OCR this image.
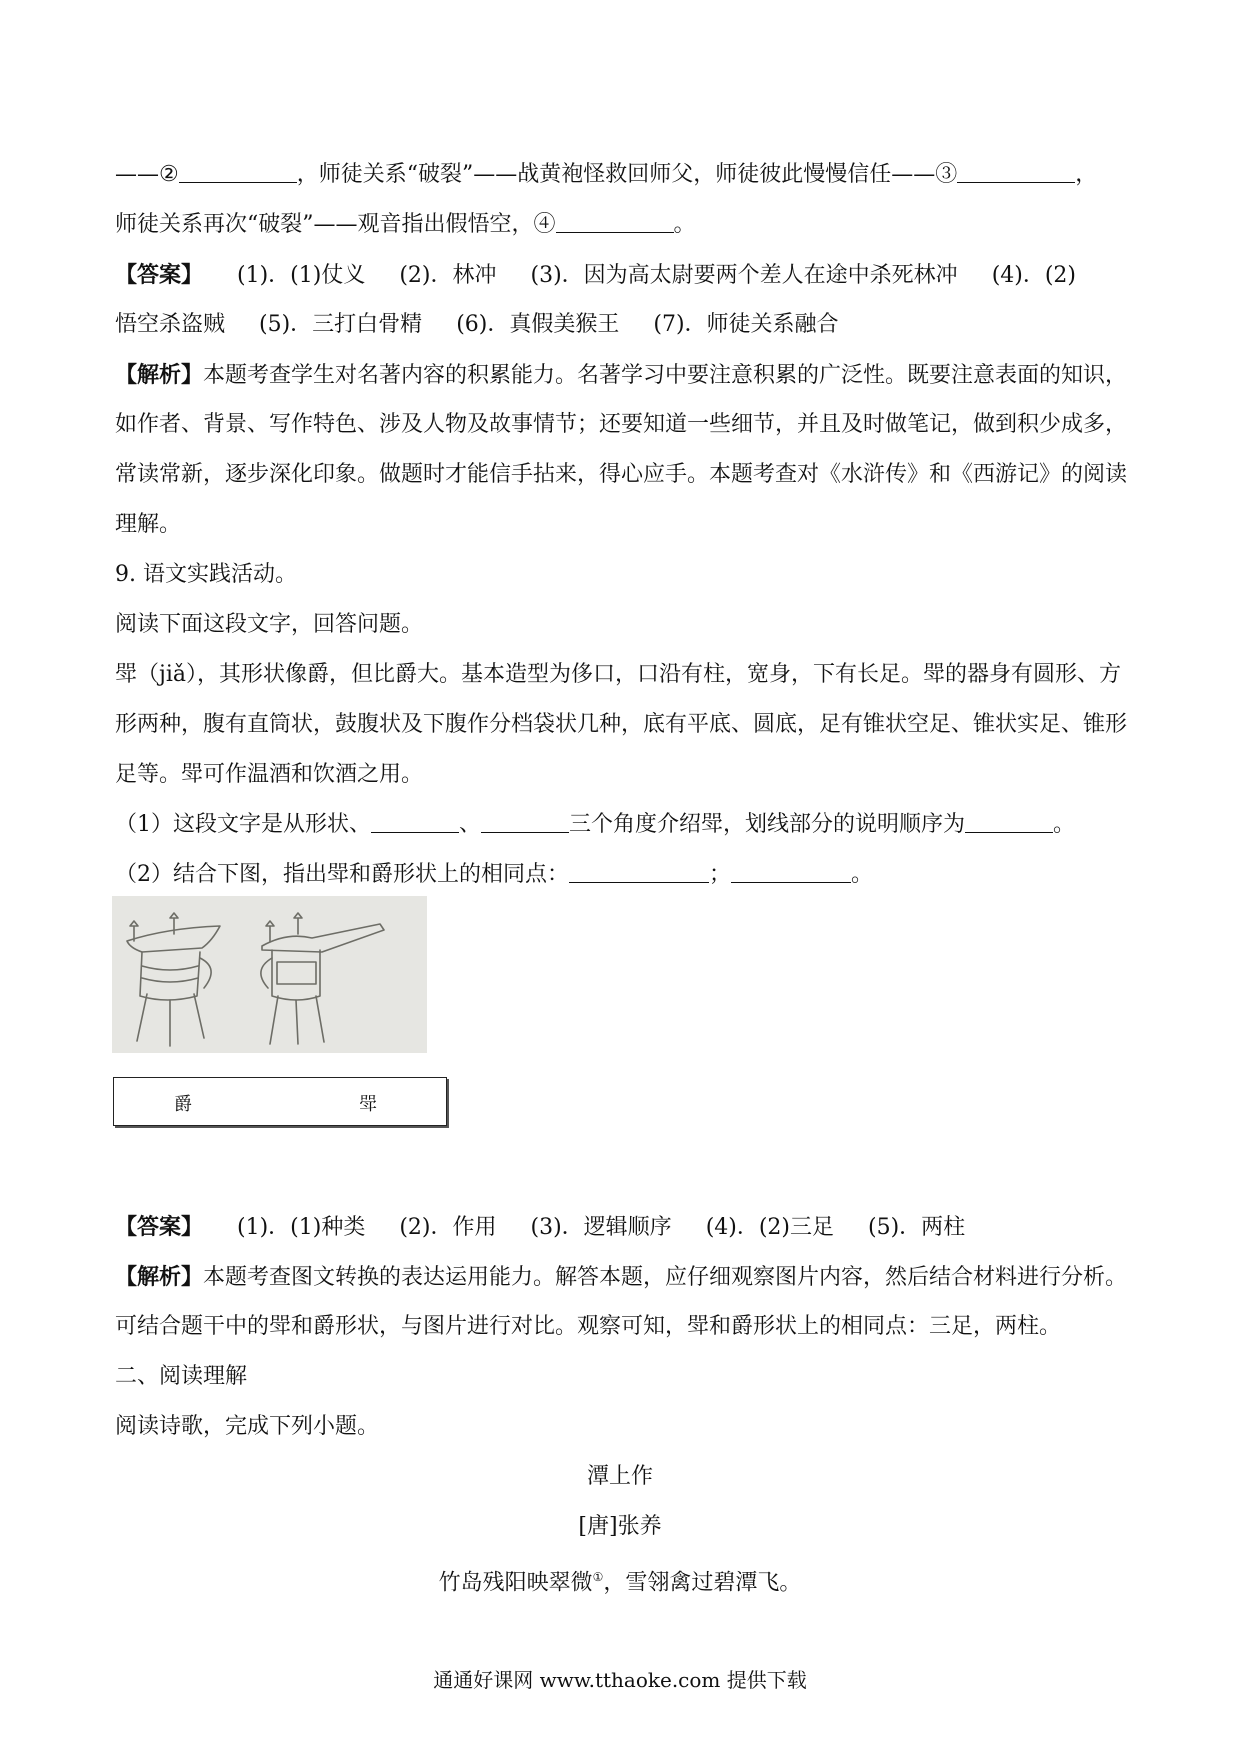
——②	，师徒关系“破裂”——战黄袍怪救回师父，师徒彼此慢慢信任——③	，
师徒关系再次“破裂”——观音指出假悟空，④	。
【答案】 (1)．(1)仗义 (2)．林冲 (3)．因为高太尉要两个差人在途中杀死林冲 (4)．(2)
悟空杀盗贼 (5)．三打白骨精 (6)．真假美猴王 (7)．师徒关系融合
【解析】本题考查学生对名著内容的积累能力。名著学习中要注意积累的广泛性。既要注意表面的知识，
如作者、背景、写作特色、涉及人物及故事情节；还要知道一些细节，并且及时做笔记，做到积少成多，
常读常新，逐步深化印象。做题时才能信手拈来，得心应手。本题考查对《水浒传》和《西游记》的阅读
理解。
9. 语文实践活动。
阅读下面这段文字，回答问题。
斝（jiǎ），其形状像爵，但比爵大。基本造型为侈口，口沿有柱，宽身，下有长足。斝的器身有圆形、方
形两种，腹有直筒状，鼓腹状及下腹作分档袋状几种，底有平底、圆底，足有锥状空足、锥状实足、锥形
足等。斝可作温酒和饮酒之用。
（1）这段文字是从形状、	、	三个角度介绍斝，划线部分的说明顺序为	。
（2）结合下图，指出斝和爵形状上的相同点：	；	。
爵	斝
【答案】 (1)．(1)种类 (2)．作用 (3)．逻辑顺序 (4)．(2)三足 (5)．两柱
【解析】本题考查图文转换的表达运用能力。解答本题，应仔细观察图片内容，然后结合材料进行分析。
可结合题干中的斝和爵形状，与图片进行对比。观察可知，斝和爵形状上的相同点：三足，两柱。
二、阅读理解
阅读诗歌，完成下列小题。
潭上作
[唐]张养
竹岛残阳映翠微①，雪翎禽过碧潭飞。
通通好课网 www.tthaoke.com 提供下载
